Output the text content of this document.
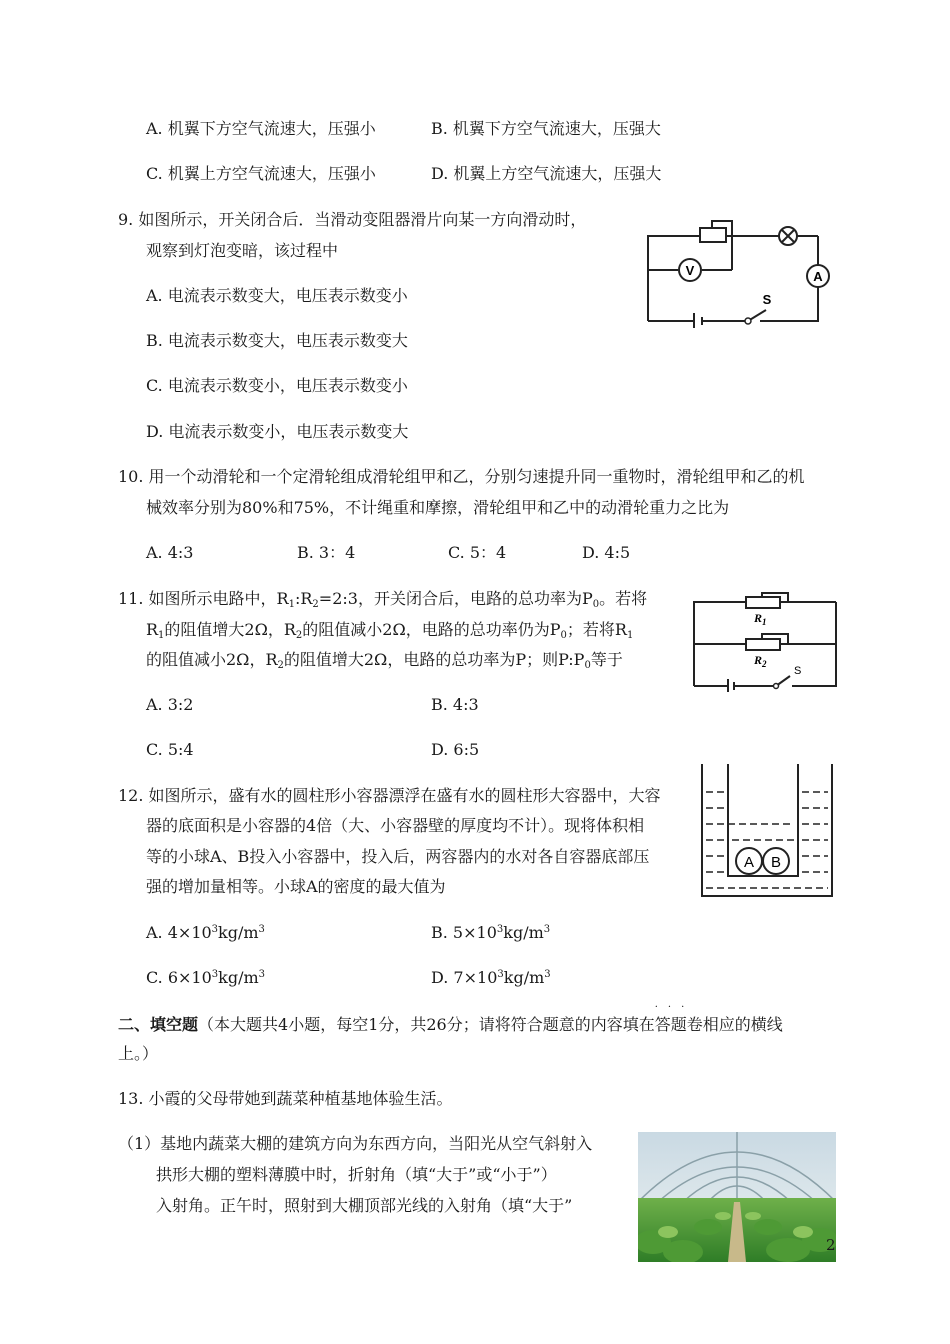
A. 机翼下方空气流速大，压强小	B. 机翼下方空气流速大，压强大
C. 机翼上方空气流速大，压强小	D. 机翼上方空气流速大，压强大
9. 如图所示，开关闭合后．当滑动变阻器滑片向某一方向滑动时，
观察到灯泡变暗，该过程中
A. 电流表示数变大，电压表示数变小
B. 电流表示数变大，电压表示数变大
C. 电流表示数变小，电压表示数变小
D. 电流表示数变小，电压表示数变大
V	A
S
10. 用一个动滑轮和一个定滑轮组成滑轮组甲和乙，分别匀速提升同一重物时，滑轮组甲和乙的机
械效率分别为80%和75%，不计绳重和摩擦，滑轮组甲和乙中的动滑轮重力之比为
A. 4:3	B. 3：4	C. 5：4	D. 4:5
11. 如图所示电路中，$R_1:R_2=2:3$，开关闭合后，电路的总功率为$P_0$。若将
$R_1$的阻值增大2Ω，$R_2$的阻值减小2Ω，电路的总功率仍为$P_0$；若将$R_1$
的阻值减小2Ω，$R_2$的阻值增大2Ω，电路的总功率为P；则$P:P_0$等于
A. 3:2	B. 4:3
C. 5:4	D. 6:5
$R_1$
$R_2$
S
12. 如图所示，盛有水的圆柱形小容器漂浮在盛有水的圆柱形大容器中，大容
器的底面积是小容器的4倍（大、小容器壁的厚度均不计）。现将体积相
等的小球A、B投入小容器中，投入后，两容器内的水对各自容器底部压
强的增加量相等。小球A的密度的最大值为
A. $4\times 10^3kg/m^3$	B. $5\times 10^3kg/m^3$
C. $6\times 10^3kg/m^3$	D. $7\times 10^3kg/m^3$
A B
二、填空题（本大题共4小题，每空1分，共26分；请将符合题意的内容填在
···
答题卷相应的横线
上。）
13. 小霞的父母带她到蔬菜种植基地体验生活。
（1）基地内蔬菜大棚的建筑方向为东西方向，当阳光从空气斜射入
拱形大棚的塑料薄膜中时，折射角（填“大于”或“小于”）
入射角。正午时，照射到大棚顶部光线的入射角（填“大于”
2
